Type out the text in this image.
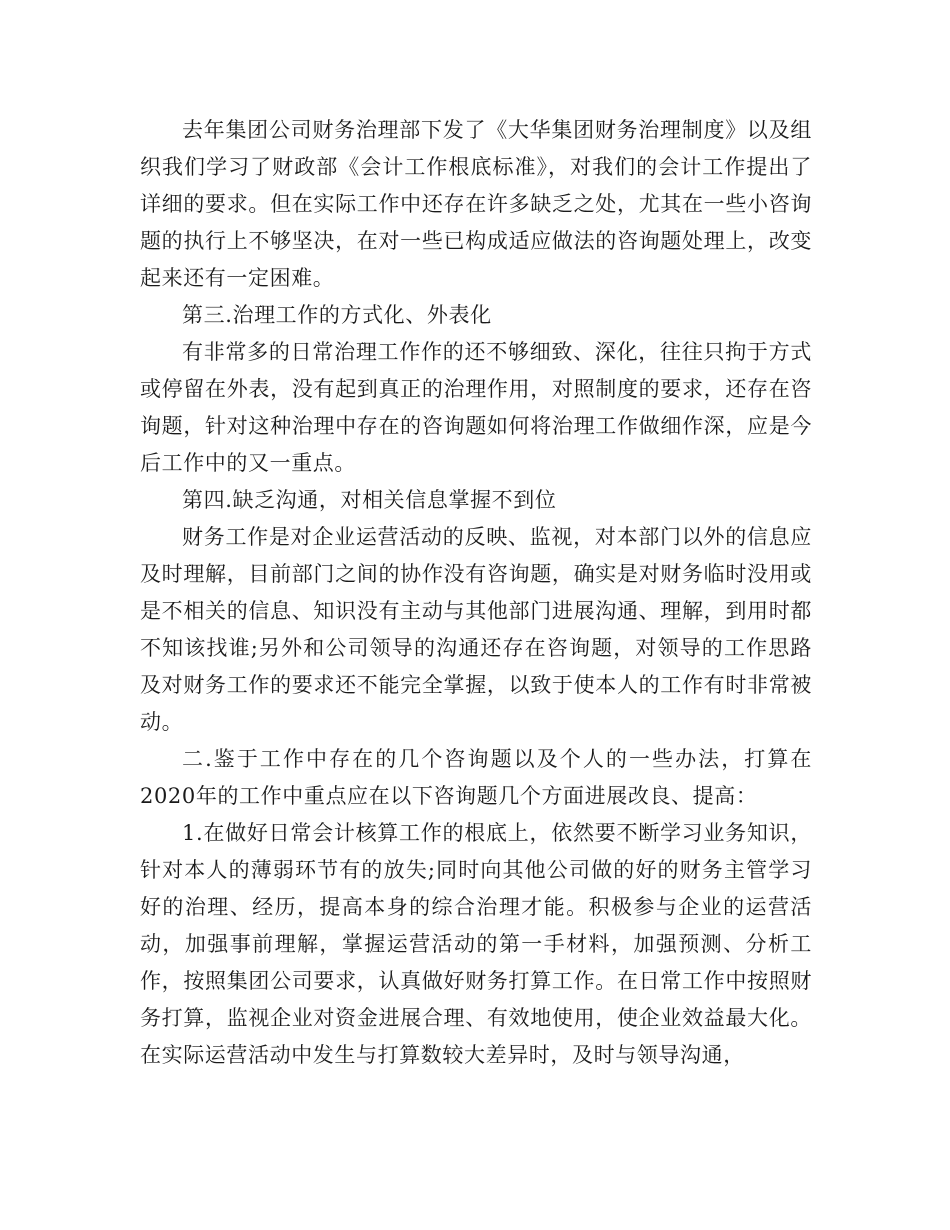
去年集团公司财务治理部下发了《大华集团财务治理制度》以及组织我们学习了财政部《会计工作根底标准》，对我们的会计工作提出了详细的要求。但在实际工作中还存在许多缺乏之处，尤其在一些小咨询题的执行上不够坚决，在对一些已构成适应做法的咨询题处理上，改变起来还有一定困难。

第三.治理工作的方式化、外表化

有非常多的日常治理工作作的还不够细致、深化，往往只拘于方式或停留在外表，没有起到真正的治理作用，对照制度的要求，还存在咨询题，针对这种治理中存在的咨询题如何将治理工作做细作深，应是今后工作中的又一重点。

第四.缺乏沟通，对相关信息掌握不到位

财务工作是对企业运营活动的反映、监视，对本部门以外的信息应及时理解，目前部门之间的协作没有咨询题，确实是对财务临时没用或是不相关的信息、知识没有主动与其他部门进展沟通、理解，到用时都不知该找谁;另外和公司领导的沟通还存在咨询题，对领导的工作思路及对财务工作的要求还不能完全掌握，以致于使本人的工作有时非常被动。

二.鉴于工作中存在的几个咨询题以及个人的一些办法，打算在2020年的工作中重点应在以下咨询题几个方面进展改良、提高：

1.在做好日常会计核算工作的根底上，依然要不断学习业务知识，针对本人的薄弱环节有的放失;同时向其他公司做的好的财务主管学习好的治理、经历，提高本身的综合治理才能。积极参与企业的运营活动，加强事前理解，掌握运营活动的第一手材料，加强预测、分析工作，按照集团公司要求，认真做好财务打算工作。在日常工作中按照财务打算，监视企业对资金进展合理、有效地使用，使企业效益最大化。在实际运营活动中发生与打算数较大差异时，及时与领导沟通，
